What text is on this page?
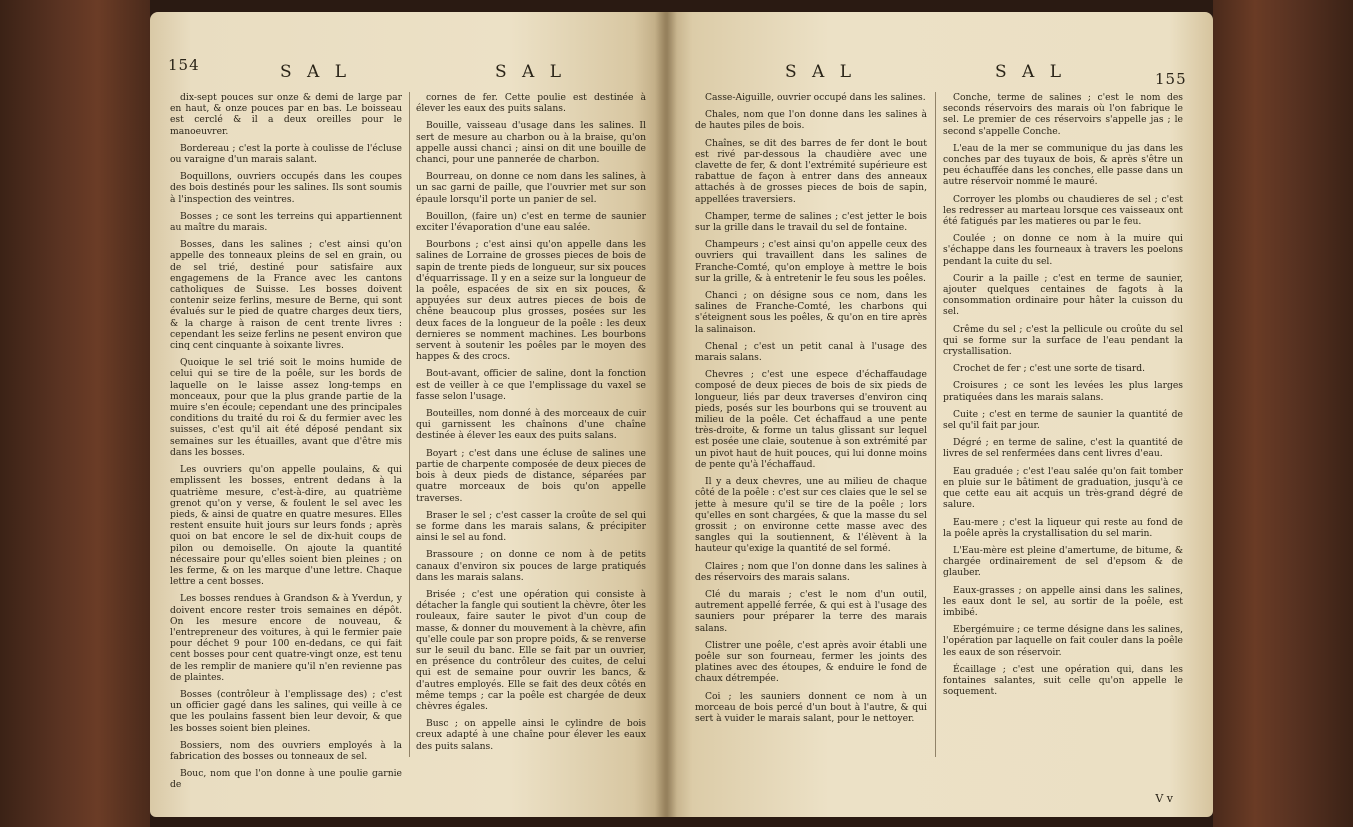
154	S A L	S A L

dix-sept pouces sur onze & demi de large par en haut, & onze pouces par en bas. Le boisseau est cerclé & il a deux oreilles pour le manoeuvrer.

Bordereau ; c'est la porte à coulisse de l'écluse ou varaigne d'un marais salant.

Boquillons, ouvriers occupés dans les coupes des bois destinés pour les salines. Ils sont soumis à l'inspection des veintres.

Bosses ; ce sont les terreins qui appartiennent au maître du marais.

Bosses, dans les salines ; c'est ainsi qu'on appelle des tonneaux pleins de sel en grain, ou de sel trié, destiné pour satisfaire aux engagemens de la France avec les cantons catholiques de Suisse. Les bosses doivent contenir seize ferlins, mesure de Berne, qui sont évalués sur le pied de quatre charges deux tiers, & la charge à raison de cent trente livres : cependant les seize ferlins ne pesent environ que cinq cent cinquante à soixante livres.

Quoique le sel trié soit le moins humide de celui qui se tire de la poêle, sur les bords de laquelle on le laisse assez long-temps en monceaux, pour que la plus grande partie de la muire s'en écoule; cependant une des principales conditions du traité du roi & du fermier avec les suisses, c'est qu'il ait été déposé pendant six semaines sur les étuailles, avant que d'être mis dans les bosses.

Les ouvriers qu'on appelle poulains, & qui emplissent les bosses, entrent dedans à la quatrième mesure, c'est-à-dire, au quatrième grenot qu'on y verse, & foulent le sel avec les pieds, & ainsi de quatre en quatre mesures. Elles restent ensuite huit jours sur leurs fonds ; après quoi on bat encore le sel de dix-huit coups de pilon ou demoiselle. On ajoute la quantité nécessaire pour qu'elles soient bien pleines ; on les ferme, & on les marque d'une lettre. Chaque lettre a cent bosses.

Les bosses rendues à Grandson & à Yverdun, y doivent encore rester trois semaines en dépôt. On les mesure encore de nouveau, & l'entrepreneur des voitures, à qui le fermier paie pour déchet 9 pour 100 en-dedans, ce qui fait cent bosses pour cent quatre-vingt onze, est tenu de les remplir de maniere qu'il n'en revienne pas de plaintes.

Bosses (contrôleur à l'emplissage des) ; c'est un officier gagé dans les salines, qui veille à ce que les poulains fassent bien leur devoir, & que les bosses soient bien pleines.

Bossiers, nom des ouvriers employés à la fabrication des bosses ou tonneaux de sel.

Bouc, nom que l'on donne à une poulie garnie de

cornes de fer. Cette poulie est destinée à élever les eaux des puits salans.

Bouille, vaisseau d'usage dans les salines. Il sert de mesure au charbon ou à la braise, qu'on appelle aussi chanci ; ainsi on dit une bouille de chanci, pour une pannerée de charbon.

Bourreau, on donne ce nom dans les salines, à un sac garni de paille, que l'ouvrier met sur son épaule lorsqu'il porte un panier de sel.

Bouillon, (faire un) c'est en terme de saunier exciter l'évaporation d'une eau salée.

Bourbons ; c'est ainsi qu'on appelle dans les salines de Lorraine de grosses pieces de bois de sapin de trente pieds de longueur, sur six pouces d'équarrissage. Il y en a seize sur la longueur de la poêle, espacées de six en six pouces, & appuyées sur deux autres pieces de bois de chêne beaucoup plus grosses, posées sur les deux faces de la longueur de la poêle : les deux dernieres se nomment machines. Les bourbons servent à soutenir les poêles par le moyen des happes & des crocs.

Bout-avant, officier de saline, dont la fonction est de veiller à ce que l'emplissage du vaxel se fasse selon l'usage.

Bouteilles, nom donné à des morceaux de cuir qui garnissent les chaînons d'une chaîne destinée à élever les eaux des puits salans.

Boyart ; c'est dans une écluse de salines une partie de charpente composée de deux pieces de bois à deux pieds de distance, séparées par quatre morceaux de bois qu'on appelle traverses.

Braser le sel ; c'est casser la croûte de sel qui se forme dans les marais salans, & précipiter ainsi le sel au fond.

Brassoure ; on donne ce nom à de petits canaux d'environ six pouces de large pratiqués dans les marais salans.

Brisée ; c'est une opération qui consiste à détacher la fangle qui soutient la chèvre, ôter les rouleaux, faire sauter le pivot d'un coup de masse, & donner du mouvement à la chèvre, afin qu'elle coule par son propre poids, & se renverse sur le seuil du banc. Elle se fait par un ouvrier, en présence du contrôleur des cuites, de celui qui est de semaine pour ouvrir les bancs, & d'autres employés. Elle se fait des deux côtés en même temps ; car la poêle est chargée de deux chèvres égales.

Busc ; on appelle ainsi le cylindre de bois creux adapté à une chaîne pour élever les eaux des puits salans.

S A L	S A L	155

Casse-Aiguille, ouvrier occupé dans les salines.

Chales, nom que l'on donne dans les salines à de hautes piles de bois.

Chaînes, se dit des barres de fer dont le bout est rivé par-dessous la chaudière avec une clavette de fer, & dont l'extrémité supérieure est rabattue de façon à entrer dans des anneaux attachés à de grosses pieces de bois de sapin, appellées traversiers.

Champer, terme de salines ; c'est jetter le bois sur la grille dans le travail du sel de fontaine.

Champeurs ; c'est ainsi qu'on appelle ceux des ouvriers qui travaillent dans les salines de Franche-Comté, qu'on employe à mettre le bois sur la grille, & à entretenir le feu sous les poêles.

Chanci ; on désigne sous ce nom, dans les salines de Franche-Comté, les charbons qui s'éteignent sous les poêles, & qu'on en tire après la salinaison.

Chenal ; c'est un petit canal à l'usage des marais salans.

Chevres ; c'est une espece d'échaffaudage composé de deux pieces de bois de six pieds de longueur, liés par deux traverses d'environ cinq pieds, posés sur les bourbons qui se trouvent au milieu de la poêle. Cet échaffaud a une pente très-droite, & forme un talus glissant sur lequel est posée une claie, soutenue à son extrémité par un pivot haut de huit pouces, qui lui donne moins de pente qu'à l'échaffaud.

Il y a deux chevres, une au milieu de chaque côté de la poêle : c'est sur ces claies que le sel se jette à mesure qu'il se tire de la poêle ; lors qu'elles en sont chargées, & que la masse du sel grossit ; on environne cette masse avec des sangles qui la soutiennent, & l'élèvent à la hauteur qu'exige la quantité de sel formé.

Claires ; nom que l'on donne dans les salines à des réservoirs des marais salans.

Clé du marais ; c'est le nom d'un outil, autrement appellé ferrée, & qui est à l'usage des sauniers pour préparer la terre des marais salans.

Clistrer une poêle, c'est après avoir établi une poêle sur son fourneau, fermer les joints des platines avec des étoupes, & enduire le fond de chaux détrempée.

Coi ; les sauniers donnent ce nom à un morceau de bois percé d'un bout à l'autre, & qui sert à vuider le marais salant, pour le nettoyer.

Conche, terme de salines ; c'est le nom des seconds réservoirs des marais où l'on fabrique le sel. Le premier de ces réservoirs s'appelle jas ; le second s'appelle Conche.

L'eau de la mer se communique du jas dans les conches par des tuyaux de bois, & après s'être un peu échauffée dans les conches, elle passe dans un autre réservoir nommé le mauré.

Corroyer les plombs ou chaudieres de sel ; c'est les redresser au marteau lorsque ces vaisseaux ont été fatigués par les matieres ou par le feu.

Coulée ; on donne ce nom à la muire qui s'échappe dans les fourneaux à travers les poelons pendant la cuite du sel.

Courir a la paille ; c'est en terme de saunier, ajouter quelques centaines de fagots à la consommation ordinaire pour hâter la cuisson du sel.

Crême du sel ; c'est la pellicule ou croûte du sel qui se forme sur la surface de l'eau pendant la crystallisation.

Crochet de fer ; c'est une sorte de tisard.

Croisures ; ce sont les levées les plus larges pratiquées dans les marais salans.

Cuite ; c'est en terme de saunier la quantité de sel qu'il fait par jour.

Dégré ; en terme de saline, c'est la quantité de livres de sel renfermées dans cent livres d'eau.

Eau graduée ; c'est l'eau salée qu'on fait tomber en pluie sur le bâtiment de graduation, jusqu'à ce que cette eau ait acquis un très-grand dégré de salure.

Eau-mere ; c'est la liqueur qui reste au fond de la poêle après la crystallisation du sel marin.

L'Eau-mère est pleine d'amertume, de bitume, & chargée ordinairement de sel d'epsom & de glauber.

Eaux-grasses ; on appelle ainsi dans les salines, les eaux dont le sel, au sortir de la poêle, est imbibé.

Ebergémuire ; ce terme désigne dans les salines, l'opération par laquelle on fait couler dans la poêle les eaux de son réservoir.

Écaillage ; c'est une opération qui, dans les fontaines salantes, suit celle qu'on appelle le soquement.

V v
